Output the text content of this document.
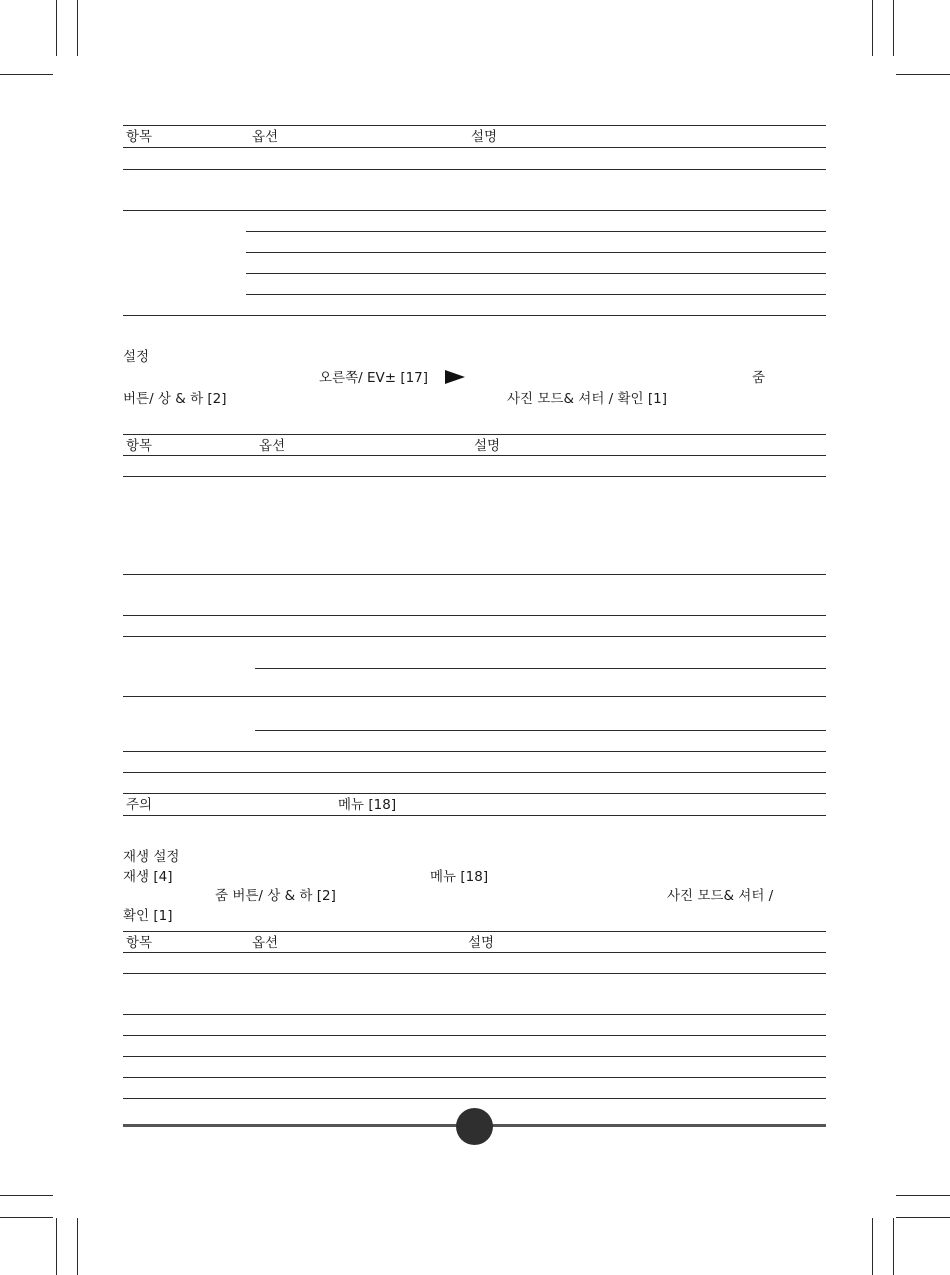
항목	옵션	설명
설정
오른쪽/ EV± [17]	줌
버튼/ 상 & 하 [2]	사진 모드& 셔터 / 확인 [1]
항목	옵션	설명
주의	메뉴 [18]
재생 설정
재생 [4]	메뉴 [18]
줌 버튼/ 상 & 하 [2]	사진 모드& 셔터 /
확인 [1]
항목	옵션	설명
